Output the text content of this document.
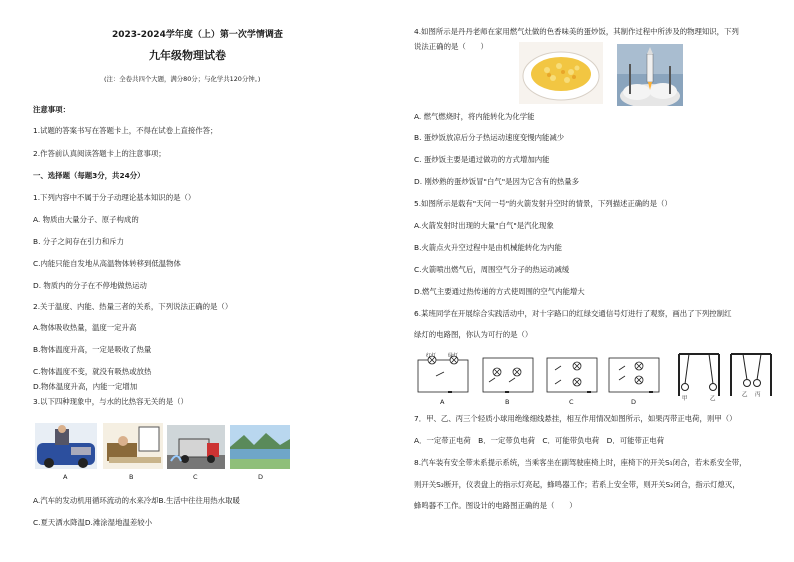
2023-2024学年度（上）第一次学情调查
九年级物理试卷
(注：全卷共四个大题，满分80分；与化学共120分钟。)
注意事项：
1.试题的答案书写在答题卡上，不得在试卷上直接作答；
2.作答前认真阅读答题卡上的注意事项；
一、选择题（每题3分，共24分）
1.下列内容中不属于分子动理论基本知识的是（）
A. 物质由大量分子、原子构成的
B. 分子之间存在引力和斥力
C.内能只能自发地从高温物体转移到低温物体
D. 物质内的分子在不停地做热运动
2.关于温度、内能、热量三者的关系，下列说法正确的是（）
A.物体吸收热量，温度一定升高
B.物体温度升高，一定是吸收了热量
C.物体温度不变，就没有吸热或放热
D.物体温度升高，内能一定增加
3.以下四种现象中，与水的比热容无关的是（）
A	B	C	D
A.汽车的发动机用循环流动的水来冷却B.生活中往往用热水取暖
C.夏天洒水降温D.滩涂湿地温差较小
4.如图所示是丹丹老师在家用燃气灶做的色香味美的蛋炒饭，其制作过程中所涉及的物理知识，下列
说法正确的是（　　）
A. 燃气燃烧时，将内能转化为化学能
B. 蛋炒饭放凉后分子热运动速度变慢内能减少
C. 蛋炒饭主要是通过做功的方式增加内能
D. 刚炒熟的蛋炒饭冒"白气"是因为它含有的热量多
5.如图所示是载有"天问一号"的火箭发射升空时的情景，下列描述正确的是（）
A.火箭发射时出现的大量"白气"是汽化现象
B.火箭点火升空过程中是由机械能转化为内能
C.火箭喷出燃气后，周围空气分子的热运动减缓
D.燃气主要通过热传递的方式使周围的空气内能增大
6.某班同学在开展综合实践活动中，对十字路口的红绿交通信号灯进行了观察，画出了下列控制红
绿灯的电路图，你认为可行的是（）
红灯 绿灯
A	B	C	D	甲	乙
乙 丙
7．甲、乙、丙三个轻质小球用绝缘细线悬挂，相互作用情况如图所示，如果丙带正电荷，则甲（）
A．一定带正电荷　B．一定带负电荷　C．可能带负电荷　D．可能带正电荷
8.汽车装有安全带未系提示系统，当乘客坐在副驾驶座椅上时，座椅下的开关S₁闭合，若未系安全带，
则开关S₂断开，仪表盘上的指示灯亮起，蜂鸣器工作；若系上安全带，则开关S₂闭合，指示灯熄灭，
蜂鸣器不工作。图设计的电路图正确的是（　　）
